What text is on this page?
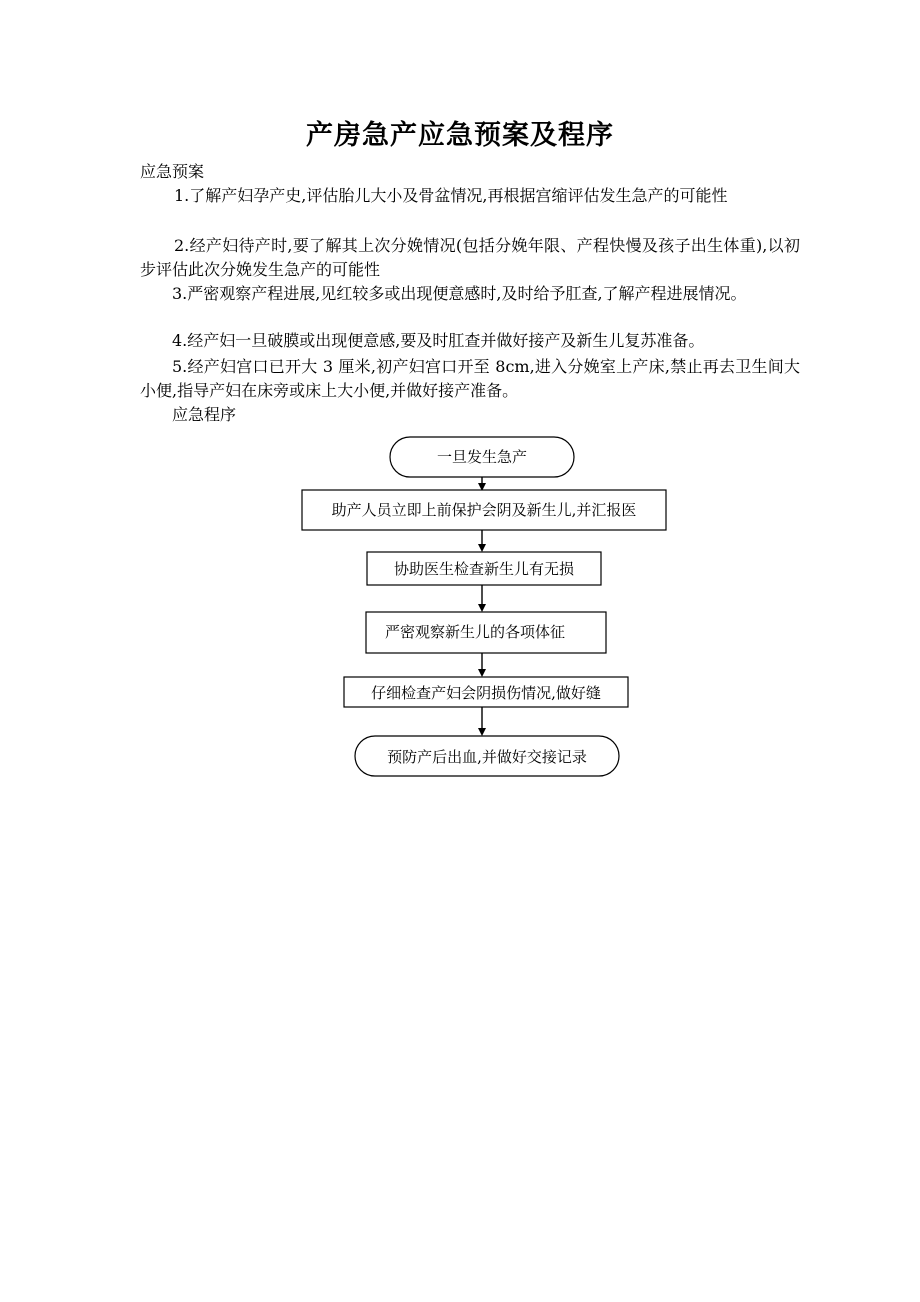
产房急产应急预案及程序

应急预案

1.了解产妇孕产史,评估胎儿大小及骨盆情况,再根据宫缩评估发生急产的可能性

2.经产妇待产时,要了解其上次分娩情况(包括分娩年限、产程快慢及孩子出生体重),以初步评估此次分娩发生急产的可能性

3.严密观察产程进展,见红较多或出现便意感时,及时给予肛查,了解产程进展情况。

4.经产妇一旦破膜或出现便意感,要及时肛查并做好接产及新生儿复苏准备。

5.经产妇宫口已开大 3 厘米,初产妇宫口开至 8cm,进入分娩室上产床,禁止再去卫生间大小便,指导产妇在床旁或床上大小便,并做好接产准备。

应急程序

一旦发生急产
助产人员立即上前保护会阴及新生儿,并汇报医
协助医生检查新生儿有无损
严密观察新生儿的各项体征
仔细检查产妇会阴损伤情况,做好缝
预防产后出血,并做好交接记录
